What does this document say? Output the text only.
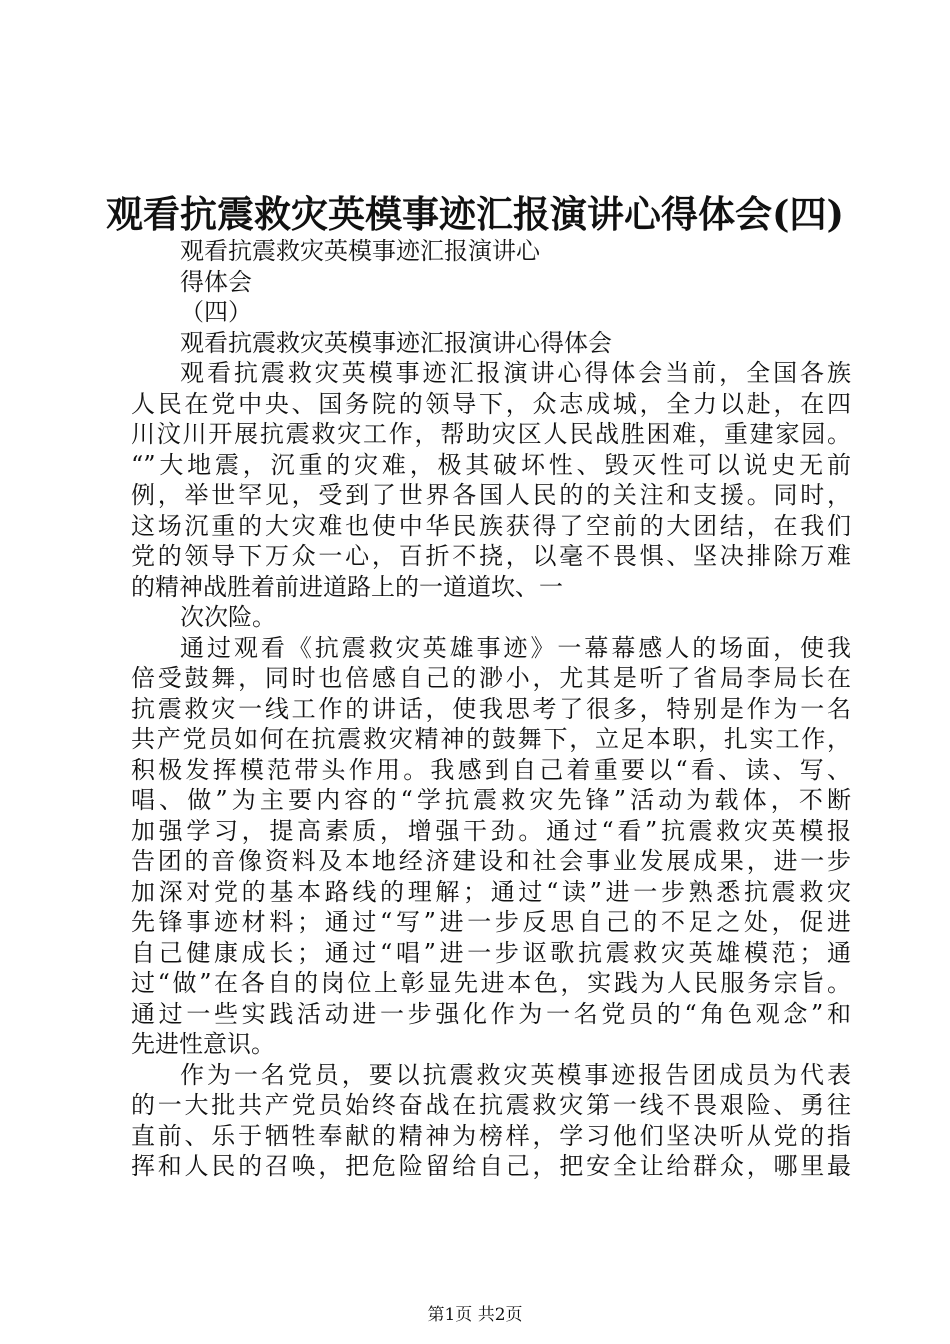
观看抗震救灾英模事迹汇报演讲心得体会(四)
观看抗震救灾英模事迹汇报演讲心
得体会
（四）
观看抗震救灾英模事迹汇报演讲心得体会
观看抗震救灾英模事迹汇报演讲心得体会当前，全国各族
人民在党中央、国务院的领导下，众志成城，全力以赴，在四
川汶川开展抗震救灾工作，帮助灾区人民战胜困难，重建家园。
“”大地震，沉重的灾难，极其破坏性、毁灭性可以说史无前
例，举世罕见，受到了世界各国人民的的关注和支援。同时，
这场沉重的大灾难也使中华民族获得了空前的大团结，在我们
党的领导下万众一心，百折不挠，以毫不畏惧、坚决排除万难
的精神战胜着前进道路上的一道道坎、一
次次险。
通过观看《抗震救灾英雄事迹》一幕幕感人的场面，使我
倍受鼓舞，同时也倍感自己的渺小，尤其是听了省局李局长在
抗震救灾一线工作的讲话，使我思考了很多，特别是作为一名
共产党员如何在抗震救灾精神的鼓舞下，立足本职，扎实工作，
积极发挥模范带头作用。我感到自己着重要以“看、读、写、
唱、做”为主要内容的“学抗震救灾先锋”活动为载体，不断
加强学习，提高素质，增强干劲。通过“看”抗震救灾英模报
告团的音像资料及本地经济建设和社会事业发展成果，进一步
加深对党的基本路线的理解；通过“读”进一步熟悉抗震救灾
先锋事迹材料；通过“写”进一步反思自己的不足之处，促进
自己健康成长；通过“唱”进一步讴歌抗震救灾英雄模范；通
过“做”在各自的岗位上彰显先进本色，实践为人民服务宗旨。
通过一些实践活动进一步强化作为一名党员的“角色观念”和
先进性意识。
作为一名党员，要以抗震救灾英模事迹报告团成员为代表
的一大批共产党员始终奋战在抗震救灾第一线不畏艰险、勇往
直前、乐于牺牲奉献的精神为榜样，学习他们坚决听从党的指
挥和人民的召唤，把危险留给自己，把安全让给群众，哪里最
第1页 共2页
